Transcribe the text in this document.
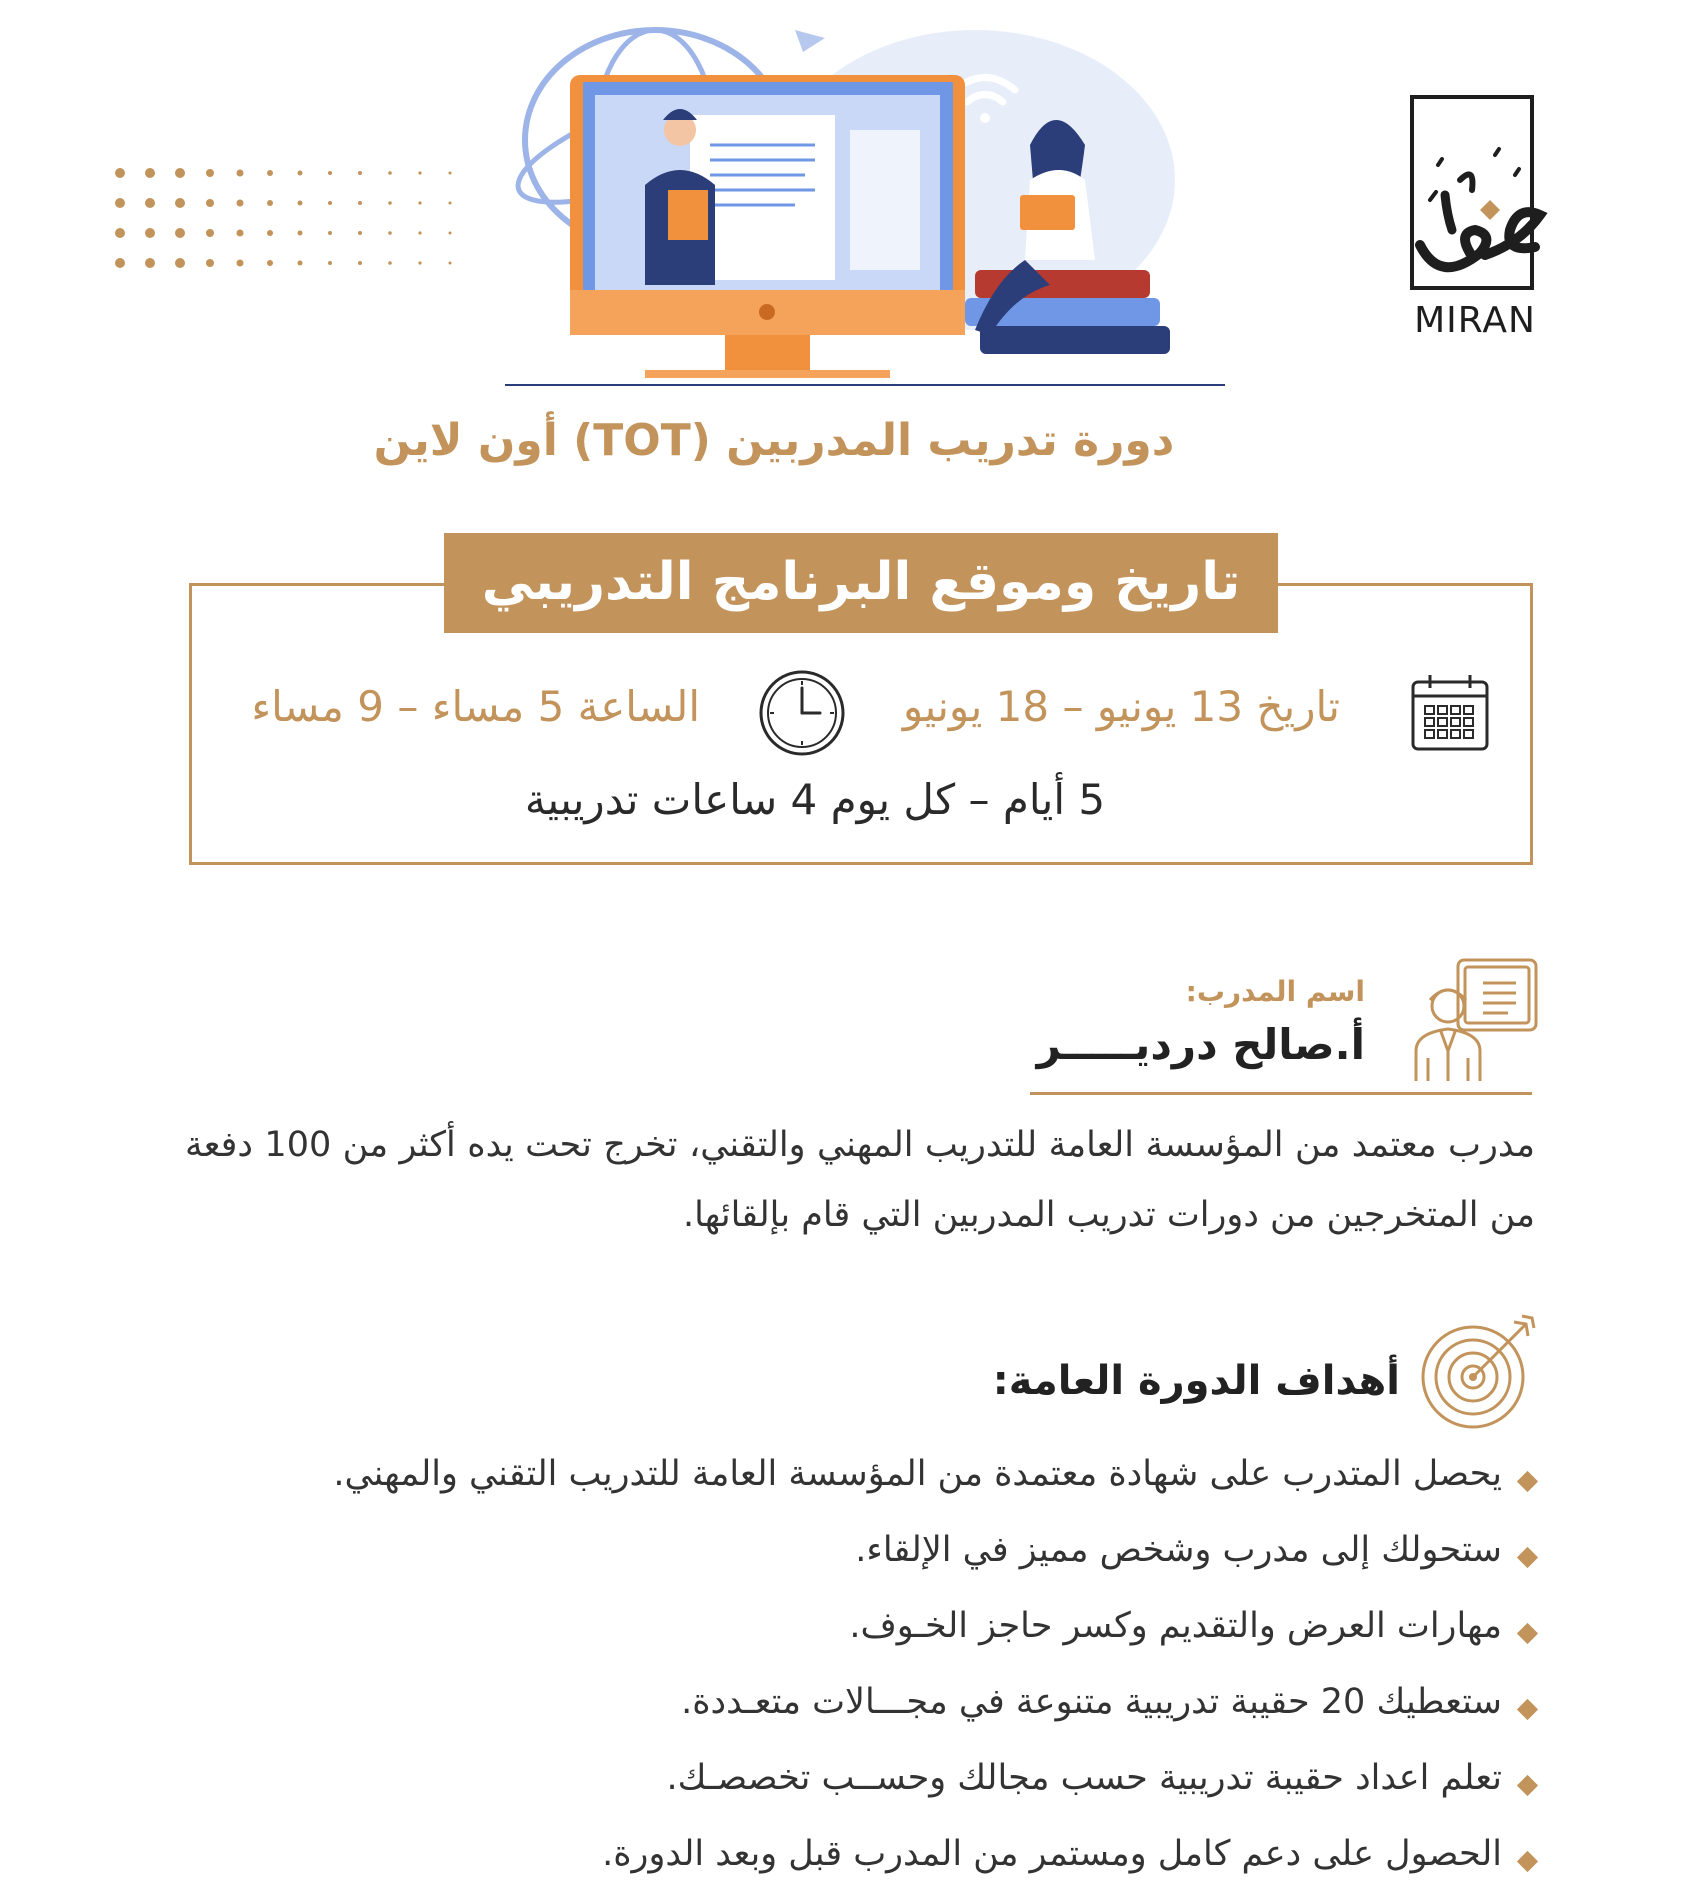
MIRAN
دورة تدريب المدربين (TOT) أون لاين
تاريخ وموقع البرنامج التدريبي
تاريخ 13 يونيو – 18 يونيو
الساعة 5 مساء – 9 مساء
5 أيام – كل يوم 4 ساعات تدريبية
اسم المدرب:
أ.صالح درديـــــر
مدرب معتمد من المؤسسة العامة للتدريب المهني والتقني، تخرج تحت يده أكثر من 100 دفعة من المتخرجين من دورات تدريب المدربين التي قام بإلقائها.
أهداف الدورة العامة:
يحصل المتدرب على شهادة معتمدة من المؤسسة العامة للتدريب التقني والمهني.
ستحولك إلى مدرب وشخص مميز في الإلقاء.
مهارات العرض والتقديم وكسر حاجز الخـوف.
ستعطيك 20 حقيبة تدريبية متنوعة في مجـــالات متعـددة.
تعلم اعداد حقيبة تدريبية حسب مجالك وحســب تخصصـك.
الحصول على دعم كامل ومستمر من المدرب قبل وبعد الدورة.
